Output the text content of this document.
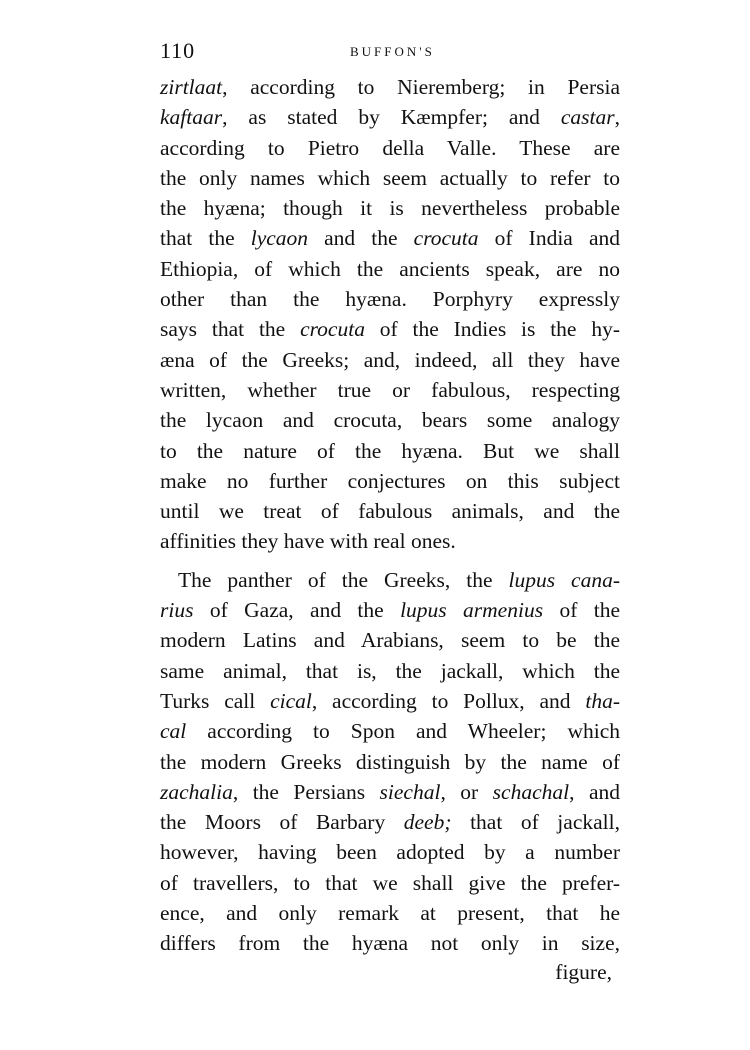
110	BUFFON'S
zirtlaat, according to Nieremberg; in Persia
kaftaar, as stated by Kæmpfer; and castar,
according to Pietro della Valle. These are
the only names which seem actually to refer to
the hyæna; though it is nevertheless probable
that the lycaon and the crocuta of India and
Ethiopia, of which the ancients speak, are no
other than the hyæna. Porphyry expressly
says that the crocuta of the Indies is the hy-
æna of the Greeks; and, indeed, all they have
written, whether true or fabulous, respecting
the lycaon and crocuta, bears some analogy
to the nature of the hyæna. But we shall
make no further conjectures on this subject
until we treat of fabulous animals, and the
affinities they have with real ones.
The panther of the Greeks, the lupus cana-
rius of Gaza, and the lupus armenius of the
modern Latins and Arabians, seem to be the
same animal, that is, the jackall, which the
Turks call cical, according to Pollux, and tha-
cal according to Spon and Wheeler; which
the modern Greeks distinguish by the name of
zachalia, the Persians siechal, or schachal, and
the Moors of Barbary deeb; that of jackall,
however, having been adopted by a number
of travellers, to that we shall give the prefer-
ence, and only remark at present, that he
differs from the hyæna not only in size,
figure,
